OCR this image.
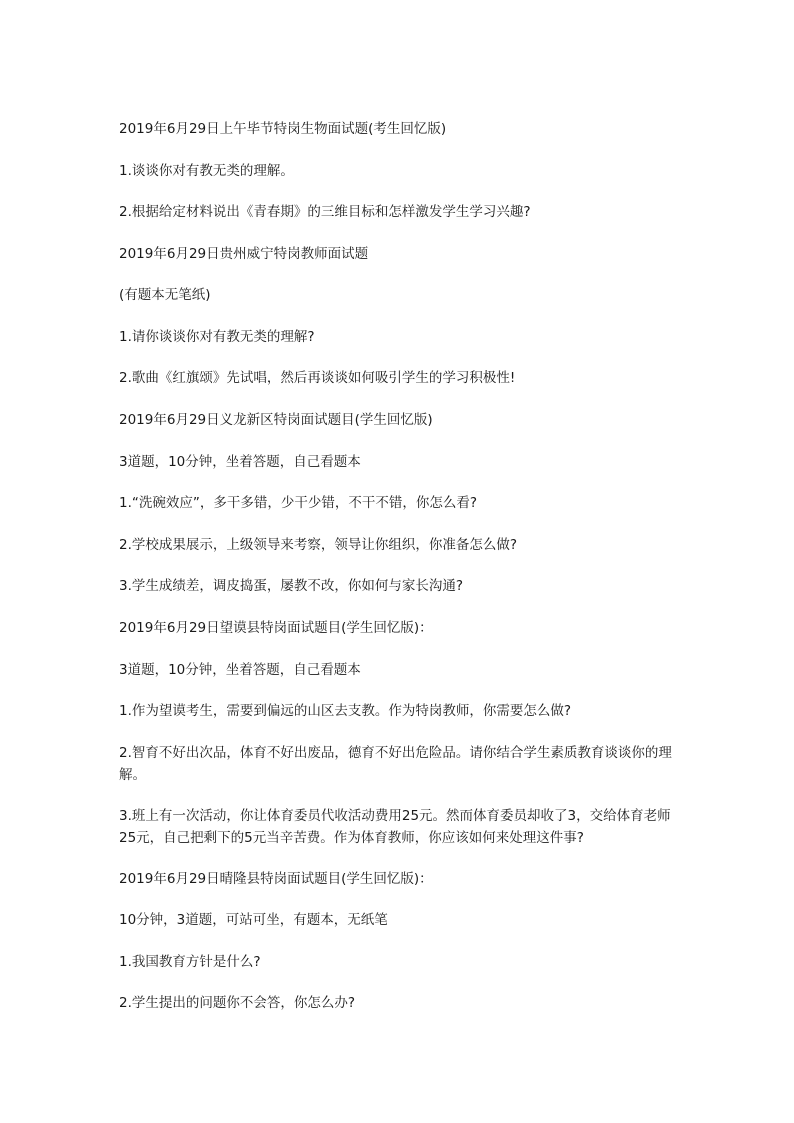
2019年6月29日上午毕节特岗生物面试题(考生回忆版)
1.谈谈你对有教无类的理解。
2.根据给定材料说出《青春期》的三维目标和怎样激发学生学习兴趣?
2019年6月29日贵州威宁特岗教师面试题
(有题本无笔纸)
1.请你谈谈你对有教无类的理解?
2.歌曲《红旗颂》先试唱，然后再谈谈如何吸引学生的学习积极性!
2019年6月29日义龙新区特岗面试题目(学生回忆版)
3道题，10分钟，坐着答题，自己看题本
1.“洗碗效应”，多干多错，少干少错，不干不错，你怎么看?
2.学校成果展示，上级领导来考察，领导让你组织，你准备怎么做?
3.学生成绩差，调皮捣蛋，屡教不改，你如何与家长沟通?
2019年6月29日望谟县特岗面试题目(学生回忆版)：
3道题，10分钟，坐着答题，自己看题本
1.作为望谟考生，需要到偏远的山区去支教。作为特岗教师，你需要怎么做?
2.智育不好出次品，体育不好出废品，德育不好出危险品。请你结合学生素质教育谈谈你的理解。
3.班上有一次活动，你让体育委员代收活动费用25元。然而体育委员却收了3，交给体育老师25元，自己把剩下的5元当辛苦费。作为体育教师，你应该如何来处理这件事?
2019年6月29日晴隆县特岗面试题目(学生回忆版)：
10分钟，3道题，可站可坐，有题本，无纸笔
1.我国教育方针是什么?
2.学生提出的问题你不会答，你怎么办?
